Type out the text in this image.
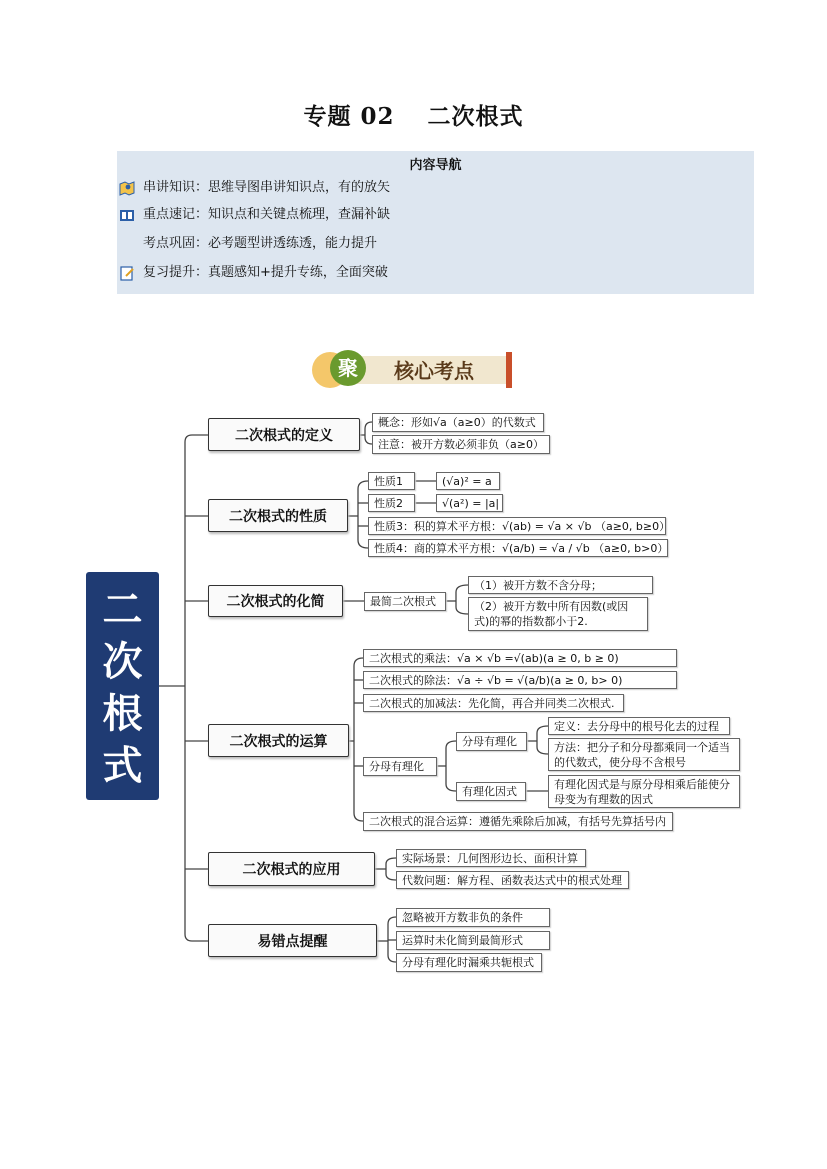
专题 02　 二次根式
内容导航
串讲知识：思维导图串讲知识点，有的放矢
重点速记：知识点和关键点梳理，查漏补缺
考点巩固：必考题型讲透练透，能力提升
复习提升：真题感知+提升专练，全面突破
聚 核心考点
二
次
根
式
二次根式的定义
二次根式的性质
二次根式的化简
二次根式的运算
二次根式的应用
易错点提醒
概念：形如√a（a≥0）的代数式
注意：被开方数必须非负（a≥0）
性质1	(√a)² = a
性质2	√(a²) = |a|
性质3：积的算术平方根：√(ab) = √a × √b （a≥0, b≥0）
性质4：商的算术平方根：√(a/b) = √a / √b （a≥0, b>0）
最简二次根式
（1）被开方数不含分母；
（2）被开方数中所有因数(或因式)的幂的指数都小于2.
二次根式的乘法：√a × √b =√(ab)(a ≥ 0, b ≥ 0)
二次根式的除法：√a ÷ √b = √(a/b)(a ≥ 0, b> 0)
二次根式的加减法：先化简，再合并同类二次根式.
分母有理化
分母有理化
定义：去分母中的根号化去的过程
方法：把分子和分母都乘同一个适当的代数式，使分母不含根号
有理化因式
有理化因式是与原分母相乘后能使分母变为有理数的因式
二次根式的混合运算：遵循先乘除后加减，有括号先算括号内
实际场景：几何图形边长、面积计算
代数问题：解方程、函数表达式中的根式处理
忽略被开方数非负的条件
运算时未化简到最简形式
分母有理化时漏乘共轭根式
